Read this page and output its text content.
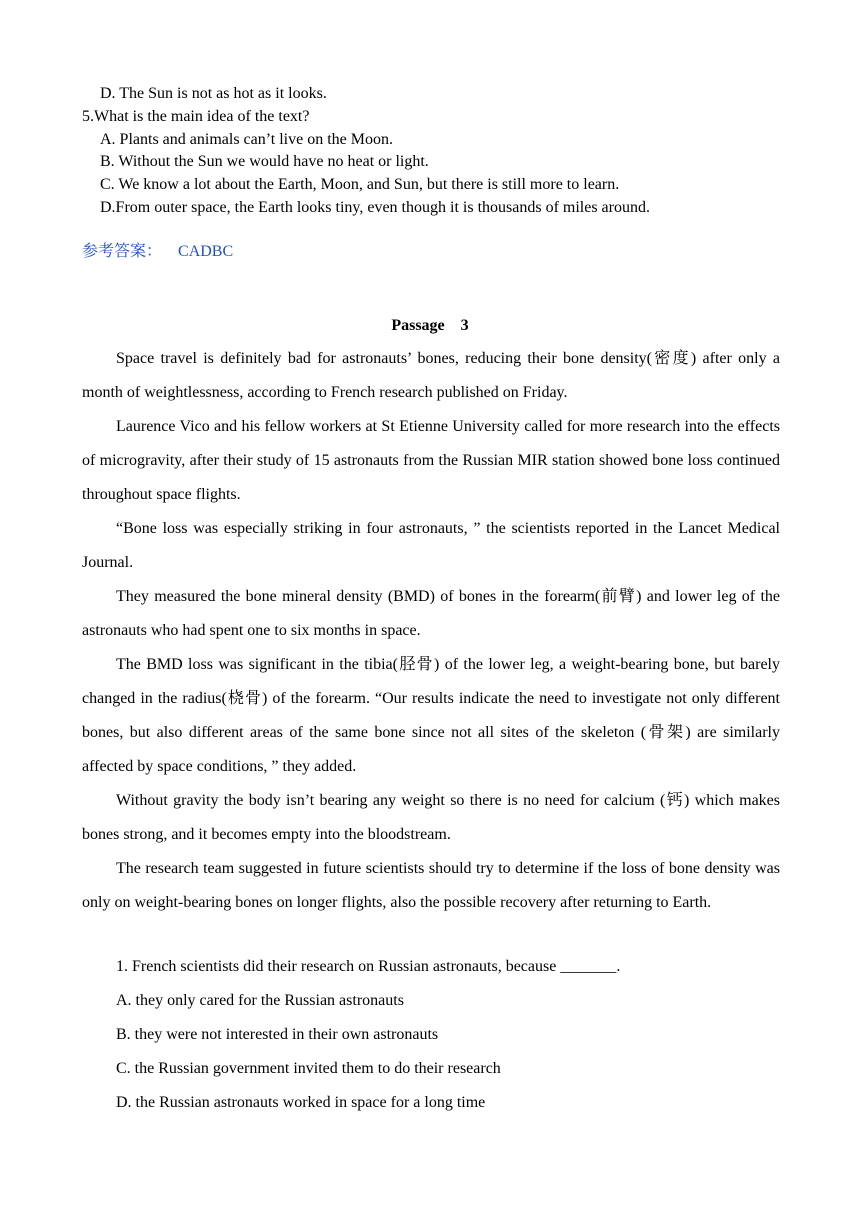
D. The Sun is not as hot as it looks.
5.What is the main idea of the text?
A. Plants and animals can’t live on the Moon.
B. Without the Sun we would have no heat or light.
C. We know a lot about the Earth, Moon, and Sun, but there is still more to learn.
D.From outer space, the Earth looks tiny, even though it is thousands of miles around.
参考答案： CADBC
Passage    3

Space travel is definitely bad for astronauts’ bones, reducing their bone density(密度) after only a month of weightlessness, according to French research published on Friday.

Laurence Vico and his fellow workers at St Etienne University called for more research into the effects of microgravity, after their study of 15 astronauts from the Russian MIR station showed bone loss continued throughout space flights.

“Bone loss was especially striking in four astronauts, ” the scientists reported in the Lancet Medical Journal.

They measured the bone mineral density (BMD) of bones in the forearm(前臂) and lower leg of the astronauts who had spent one to six months in space.

The BMD loss was significant in the tibia(胫骨) of the lower leg, a weight-bearing bone, but barely changed in the radius(桡骨) of the forearm. “Our results indicate the need to investigate not only different bones, but also different areas of the same bone since not all sites of the skeleton (骨架) are similarly affected by space conditions, ” they added.

Without gravity the body isn’t bearing any weight so there is no need for calcium (钙) which makes bones strong, and it becomes empty into the bloodstream.

The research team suggested in future scientists should try to determine if the loss of bone density was only on weight-bearing bones on longer flights, also the possible recovery after returning to Earth.

1. French scientists did their research on Russian astronauts, because _______.
A. they only cared for the Russian astronauts
B. they were not interested in their own astronauts
C. the Russian government invited them to do their research
D. the Russian astronauts worked in space for a long time
